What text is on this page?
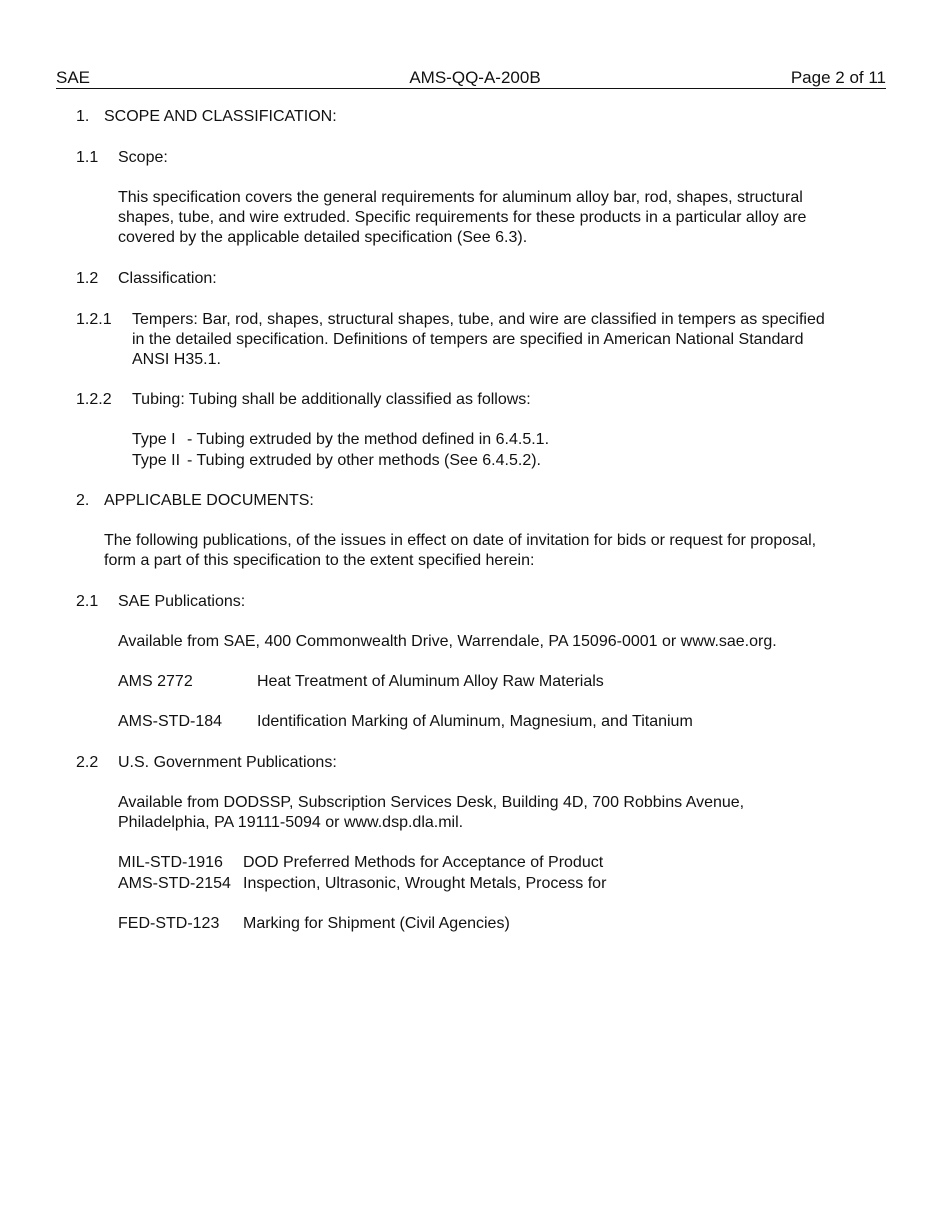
SAE	AMS-QQ-A-200B	Page 2 of 11
1. SCOPE AND CLASSIFICATION:
1.1 Scope:
This specification covers the general requirements for aluminum alloy bar, rod, shapes, structural
shapes, tube, and wire extruded. Specific requirements for these products in a particular alloy are
covered by the applicable detailed specification (See 6.3).
1.2 Classification:
1.2.1 Tempers: Bar, rod, shapes, structural shapes, tube, and wire are classified in tempers as specified
in the detailed specification. Definitions of tempers are specified in American National Standard
ANSI H35.1.
1.2.2 Tubing: Tubing shall be additionally classified as follows:
Type I - Tubing extruded by the method defined in 6.4.5.1.
Type II - Tubing extruded by other methods (See 6.4.5.2).
2. APPLICABLE DOCUMENTS:
The following publications, of the issues in effect on date of invitation for bids or request for proposal,
form a part of this specification to the extent specified herein:
2.1 SAE Publications:
Available from SAE, 400 Commonwealth Drive, Warrendale, PA 15096-0001 or www.sae.org.
AMS 2772	Heat Treatment of Aluminum Alloy Raw Materials
AMS-STD-184 Identification Marking of Aluminum, Magnesium, and Titanium
2.2 U.S. Government Publications:
Available from DODSSP, Subscription Services Desk, Building 4D, 700 Robbins Avenue,
Philadelphia, PA 19111-5094 or www.dsp.dla.mil.
MIL-STD-1916 DOD Preferred Methods for Acceptance of Product
AMS-STD-2154 Inspection, Ultrasonic, Wrought Metals, Process for
FED-STD-123 Marking for Shipment (Civil Agencies)
